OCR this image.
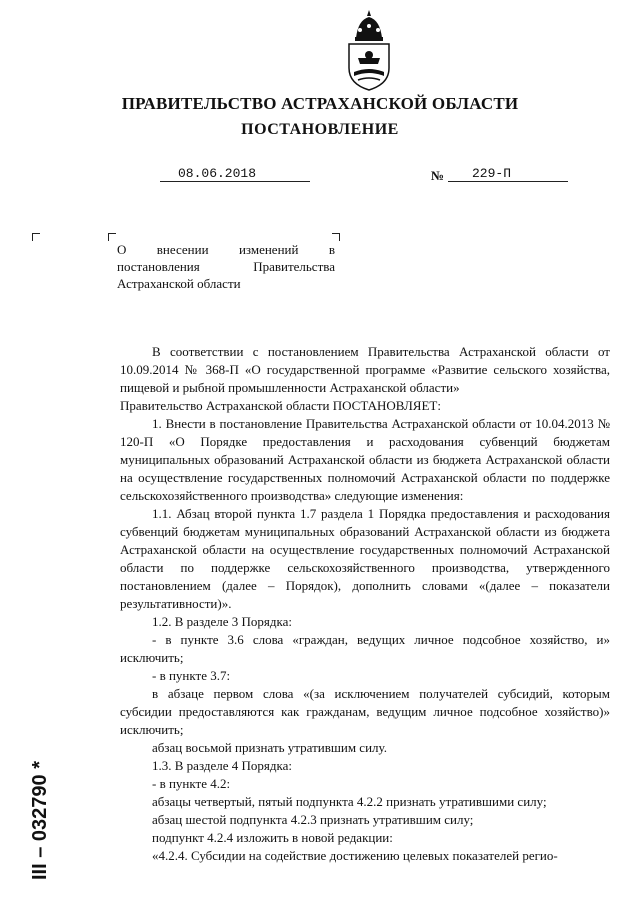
ПРАВИТЕЛЬСТВО АСТРАХАНСКОЙ ОБЛАСТИ
ПОСТАНОВЛЕНИЕ
08.06.2018	№ 229-П
О внесении изменений в постановления Правительства Астраханской области

В соответствии с постановлением Правительства Астраханской области от 10.09.2014 № 368-П «О государственной программе «Развитие сельского хозяйства, пищевой и рыбной промышленности Астраханской области»

Правительство Астраханской области ПОСТАНОВЛЯЕТ:

1. Внести в постановление Правительства Астраханской области от 10.04.2013 № 120-П «О Порядке предоставления и расходования субвенций бюджетам муниципальных образований Астраханской области из бюджета Астраханской области на осуществление государственных полномочий Астраханской области по поддержке сельскохозяйственного производства» следующие изменения:

1.1. Абзац второй пункта 1.7 раздела 1 Порядка предоставления и расходования субвенций бюджетам муниципальных образований Астраханской области из бюджета Астраханской области на осуществление государственных полномочий Астраханской области по поддержке сельскохозяйственного производства, утвержденного постановлением (далее – Порядок), дополнить словами «(далее – показатели результативности)».

1.2. В разделе 3 Порядка:

- в пункте 3.6 слова «граждан, ведущих личное подсобное хозяйство, и» исключить;

- в пункте 3.7:

в абзаце первом слова «(за исключением получателей субсидий, которым субсидии предоставляются как гражданам, ведущим личное подсобное хозяйство)» исключить;

абзац восьмой признать утратившим силу.

1.3. В разделе 4 Порядка:

- в пункте 4.2:

абзацы четвертый, пятый подпункта 4.2.2 признать утратившими силу;

абзац шестой подпункта 4.2.3 признать утратившим силу;

подпункт 4.2.4 изложить в новой редакции:

«4.2.4. Субсидии на содействие достижению целевых показателей регио-

ІІІ – 032790 *
